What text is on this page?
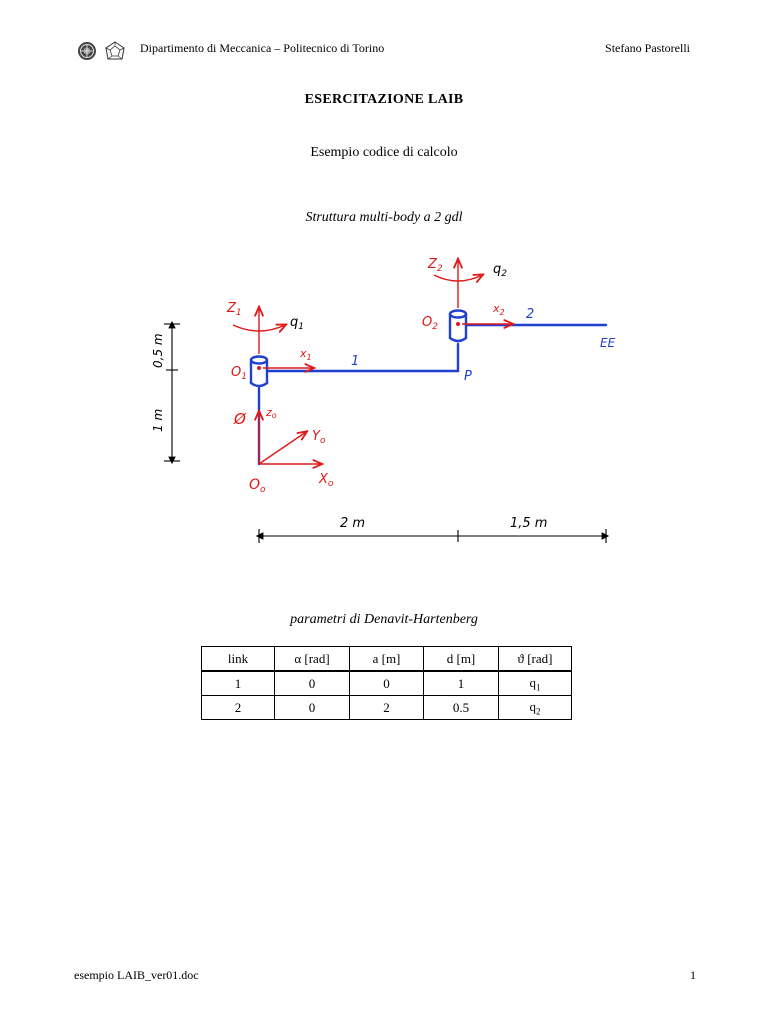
Dipartimento di Meccanica – Politecnico di Torino	Stefano Pastorelli
ESERCITAZIONE LAIB
Esempio codice di calcolo
Struttura multi-body a 2 gdl
$Z_1$
$q_1$
$x_1$
$O_1$
1
$Z_2$	$q_2$
$x_2$
$O_2$
2
P
EE
Ø zo
$Y_o$
$O_o$
$X_o$
0,5 m
1 m
2 m	1,5 m
parametri di Denavit-Hartenberg
link	α [rad]	a [m]	d [m]	ϑ [rad]
1	0	0	1	$q_1$
2	0	2	0.5	$q_2$
esempio LAIB_ver01.doc	1
